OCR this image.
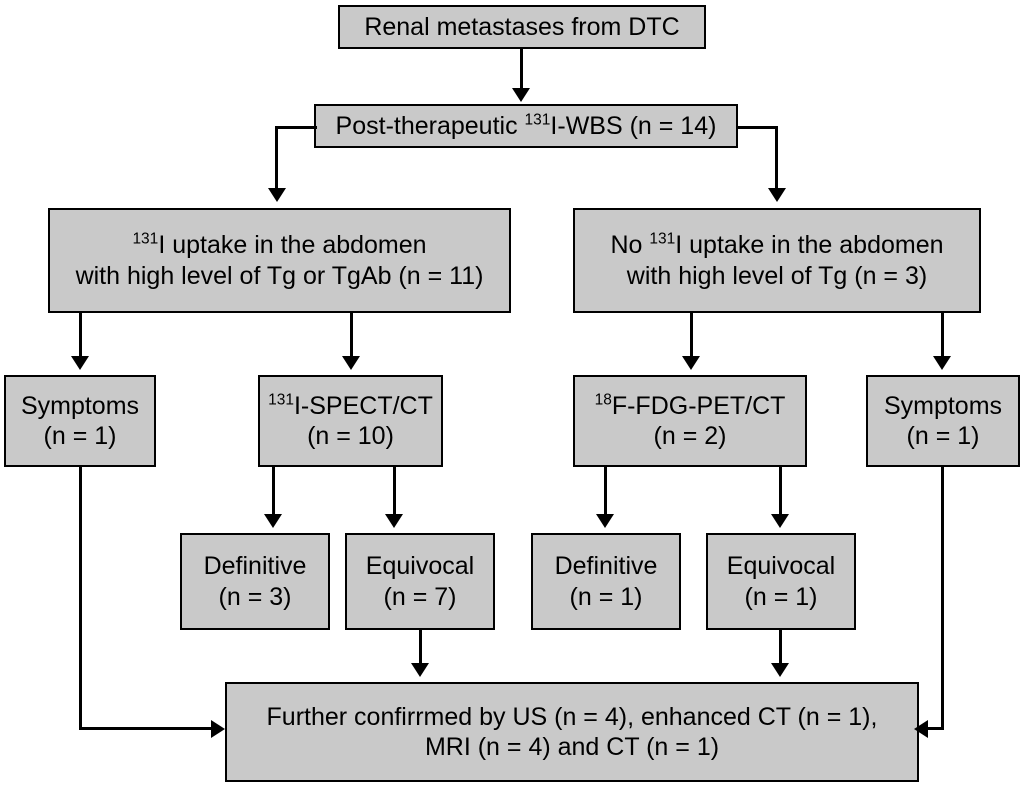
Renal metastases from DTC
Post-therapeutic $^{131}$I-WBS (n = 14)
$^{131}$I uptake in the abdomen
with high level of Tg or TgAb (n = 11)
No $^{131}$I uptake in the abdomen
with high level of Tg (n = 3)
Symptoms
(n = 1)
$^{131}$I-SPECT/CT
(n = 10)
$^{18}$F-FDG-PET/CT
(n = 2)
Symptoms
(n = 1)
Definitive
(n = 3)
Equivocal
(n = 7)
Definitive
(n = 1)
Equivocal
(n = 1)
Further confirrmed by US (n = 4), enhanced CT (n = 1),
MRI (n = 4) and CT (n = 1)
